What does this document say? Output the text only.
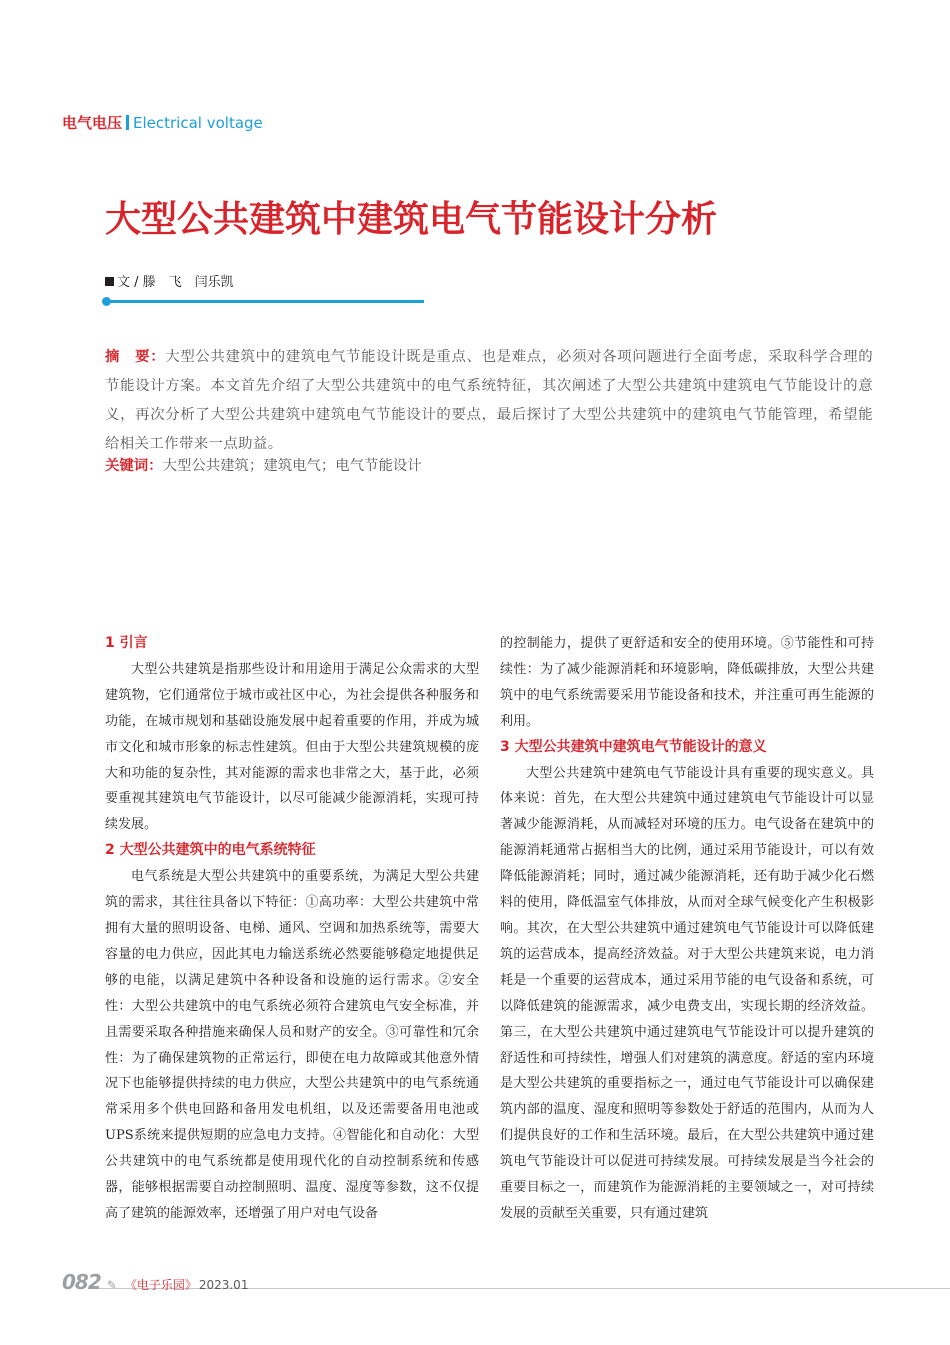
电气电压 Electrical voltage
大型公共建筑中建筑电气节能设计分析
文 / 滕　飞　闫乐凯
摘　要：大型公共建筑中的建筑电气节能设计既是重点、也是难点，必须对各项问题进行全面考虑，采取科学合理的节能设计方案。本文首先介绍了大型公共建筑中的电气系统特征，其次阐述了大型公共建筑中建筑电气节能设计的意义，再次分析了大型公共建筑中建筑电气节能设计的要点，最后探讨了大型公共建筑中的建筑电气节能管理，希望能给相关工作带来一点助益。
关键词：大型公共建筑；建筑电气；电气节能设计
1 引言

大型公共建筑是指那些设计和用途用于满足公众需求的大型建筑物，它们通常位于城市或社区中心，为社会提供各种服务和功能，在城市规划和基础设施发展中起着重要的作用，并成为城市文化和城市形象的标志性建筑。但由于大型公共建筑规模的庞大和功能的复杂性，其对能源的需求也非常之大，基于此，必须要重视其建筑电气节能设计，以尽可能减少能源消耗，实现可持续发展。

2 大型公共建筑中的电气系统特征

电气系统是大型公共建筑中的重要系统，为满足大型公共建筑的需求，其往往具备以下特征：①高功率：大型公共建筑中常拥有大量的照明设备、电梯、通风、空调和加热系统等，需要大容量的电力供应，因此其电力输送系统必然要能够稳定地提供足够的电能，以满足建筑中各种设备和设施的运行需求。②安全性：大型公共建筑中的电气系统必须符合建筑电气安全标准，并且需要采取各种措施来确保人员和财产的安全。③可靠性和冗余性：为了确保建筑物的正常运行，即使在电力故障或其他意外情况下也能够提供持续的电力供应，大型公共建筑中的电气系统通常采用多个供电回路和备用发电机组，以及还需要备用电池或UPS系统来提供短期的应急电力支持。④智能化和自动化：大型公共建筑中的电气系统都是使用现代化的自动控制系统和传感器，能够根据需要自动控制照明、温度、湿度等参数，这不仅提高了建筑的能源效率，还增强了用户对电气设备

的控制能力，提供了更舒适和安全的使用环境。⑤节能性和可持续性：为了减少能源消耗和环境影响，降低碳排放，大型公共建筑中的电气系统需要采用节能设备和技术，并注重可再生能源的利用。

3 大型公共建筑中建筑电气节能设计的意义

大型公共建筑中建筑电气节能设计具有重要的现实意义。具体来说：首先，在大型公共建筑中通过建筑电气节能设计可以显著减少能源消耗，从而减轻对环境的压力。电气设备在建筑中的能源消耗通常占据相当大的比例，通过采用节能设计，可以有效降低能源消耗；同时，通过减少能源消耗，还有助于减少化石燃料的使用，降低温室气体排放，从而对全球气候变化产生积极影响。其次，在大型公共建筑中通过建筑电气节能设计可以降低建筑的运营成本，提高经济效益。对于大型公共建筑来说，电力消耗是一个重要的运营成本，通过采用节能的电气设备和系统，可以降低建筑的能源需求，减少电费支出，实现长期的经济效益。第三，在大型公共建筑中通过建筑电气节能设计可以提升建筑的舒适性和可持续性，增强人们对建筑的满意度。舒适的室内环境是大型公共建筑的重要指标之一，通过电气节能设计可以确保建筑内部的温度、湿度和照明等参数处于舒适的范围内，从而为人们提供良好的工作和生活环境。最后，在大型公共建筑中通过建筑电气节能设计可以促进可持续发展。可持续发展是当今社会的重要目标之一，而建筑作为能源消耗的主要领域之一，对可持续发展的贡献至关重要，只有通过建筑

082 ✎ 《电子乐园》 2023.01
